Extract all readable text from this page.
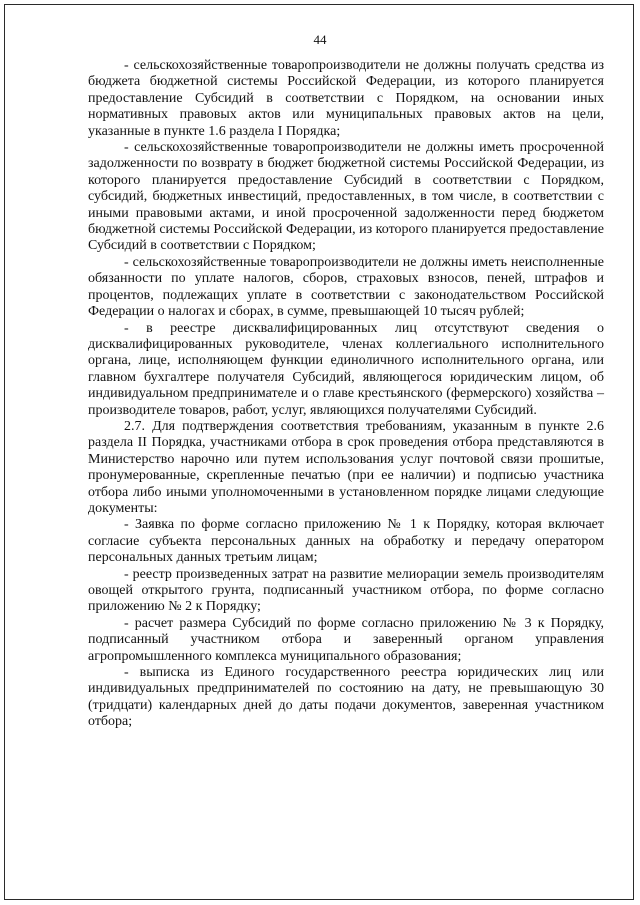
44

- сельскохозяйственные товаропроизводители не должны получать средства из бюджета бюджетной системы Российской Федерации, из которого планируется предоставление Субсидий в соответствии с Порядком, на основании иных нормативных правовых актов или муниципальных правовых актов на цели, указанные в пункте 1.6 раздела I Порядка;

- сельскохозяйственные товаропроизводители не должны иметь просроченной задолженности по возврату в бюджет бюджетной системы Российской Федерации, из которого планируется предоставление Субсидий в соответствии с Порядком, субсидий, бюджетных инвестиций, предоставленных, в том числе, в соответствии с иными правовыми актами, и иной просроченной задолженности перед бюджетом бюджетной системы Российской Федерации, из которого планируется предоставление Субсидий в соответствии с Порядком;

- сельскохозяйственные товаропроизводители не должны иметь неисполненные обязанности по уплате налогов, сборов, страховых взносов, пеней, штрафов и процентов, подлежащих уплате в соответствии с законодательством Российской Федерации о налогах и сборах, в сумме, превышающей 10 тысяч рублей;

- в реестре дисквалифицированных лиц отсутствуют сведения о дисквалифицированных руководителе, членах коллегиального исполнительного органа, лице, исполняющем функции единоличного исполнительного органа, или главном бухгалтере получателя Субсидий, являющегося юридическим лицом, об индивидуальном предпринимателе и о главе крестьянского (фермерского) хозяйства – производителе товаров, работ, услуг, являющихся получателями Субсидий.

2.7. Для подтверждения соответствия требованиям, указанным в пункте 2.6 раздела II Порядка, участниками отбора в срок проведения отбора представляются в Министерство нарочно или путем использования услуг почтовой связи прошитые, пронумерованные, скрепленные печатью (при ее наличии) и подписью участника отбора либо иными уполномоченными в установленном порядке лицами следующие документы:

- Заявка по форме согласно приложению № 1 к Порядку, которая включает согласие субъекта персональных данных на обработку и передачу оператором персональных данных третьим лицам;

- реестр произведенных затрат на развитие мелиорации земель производителям овощей открытого грунта, подписанный участником отбора, по форме согласно приложению № 2 к Порядку;

- расчет размера Субсидий по форме согласно приложению № 3 к Порядку, подписанный участником отбора и заверенный органом управления агропромышленного комплекса муниципального образования;

- выписка из Единого государственного реестра юридических лиц или индивидуальных предпринимателей по состоянию на дату, не превышающую 30 (тридцати) календарных дней до даты подачи документов, заверенная участником отбора;
